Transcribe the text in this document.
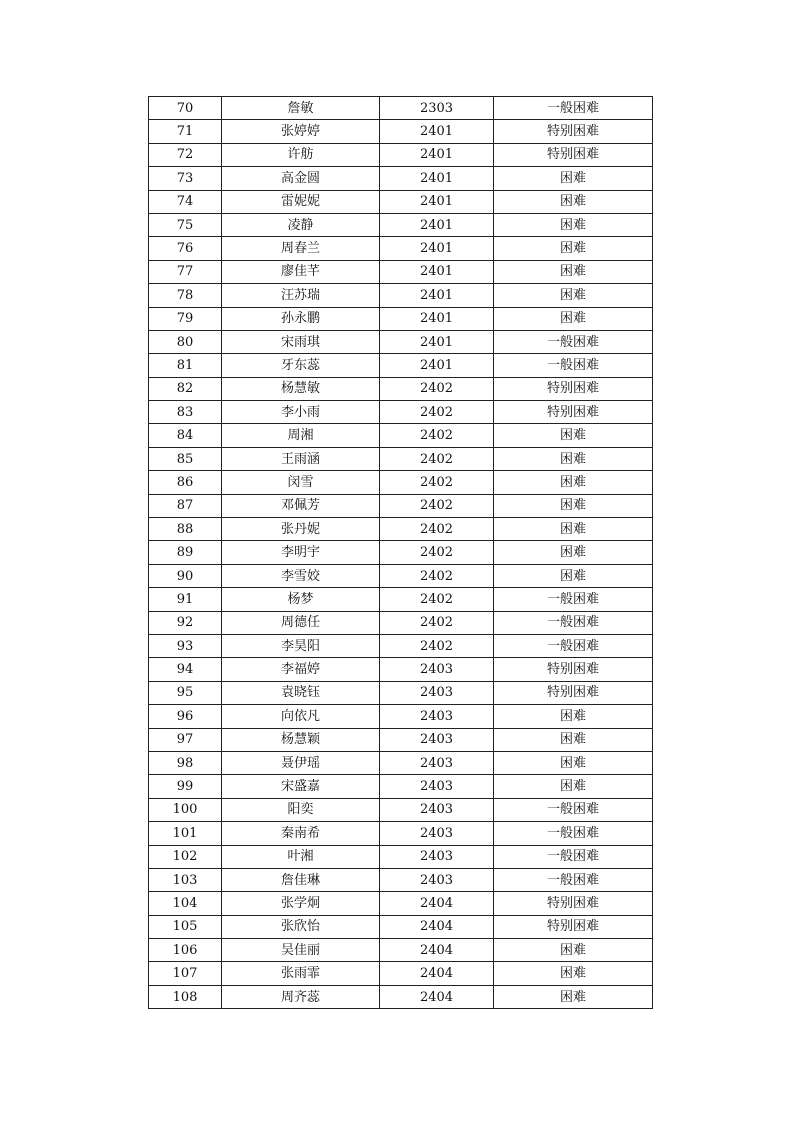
70	詹敏	2303	一般困难
71	张婷婷	2401	特别困难
72	许舫	2401	特别困难
73	高金圆	2401	困难
74	雷妮妮	2401	困难
75	凌静	2401	困难
76	周春兰	2401	困难
77	廖佳芊	2401	困难
78	汪苏瑞	2401	困难
79	孙永鹏	2401	困难
80	宋雨琪	2401	一般困难
81	牙东蕊	2401	一般困难
82	杨慧敏	2402	特别困难
83	李小雨	2402	特别困难
84	周湘	2402	困难
85	王雨涵	2402	困难
86	闵雪	2402	困难
87	邓佩芳	2402	困难
88	张丹妮	2402	困难
89	李明宇	2402	困难
90	李雪姣	2402	困难
91	杨梦	2402	一般困难
92	周德任	2402	一般困难
93	李昊阳	2402	一般困难
94	李福婷	2403	特别困难
95	袁晓钰	2403	特别困难
96	向依凡	2403	困难
97	杨慧颖	2403	困难
98	聂伊瑶	2403	困难
99	宋盛嘉	2403	困难
100	阳奕	2403	一般困难
101	秦南希	2403	一般困难
102	叶湘	2403	一般困难
103	詹佳琳	2403	一般困难
104	张学炯	2404	特别困难
105	张欣怡	2404	特别困难
106	吴佳丽	2404	困难
107	张雨霏	2404	困难
108	周齐蕊	2404	困难
